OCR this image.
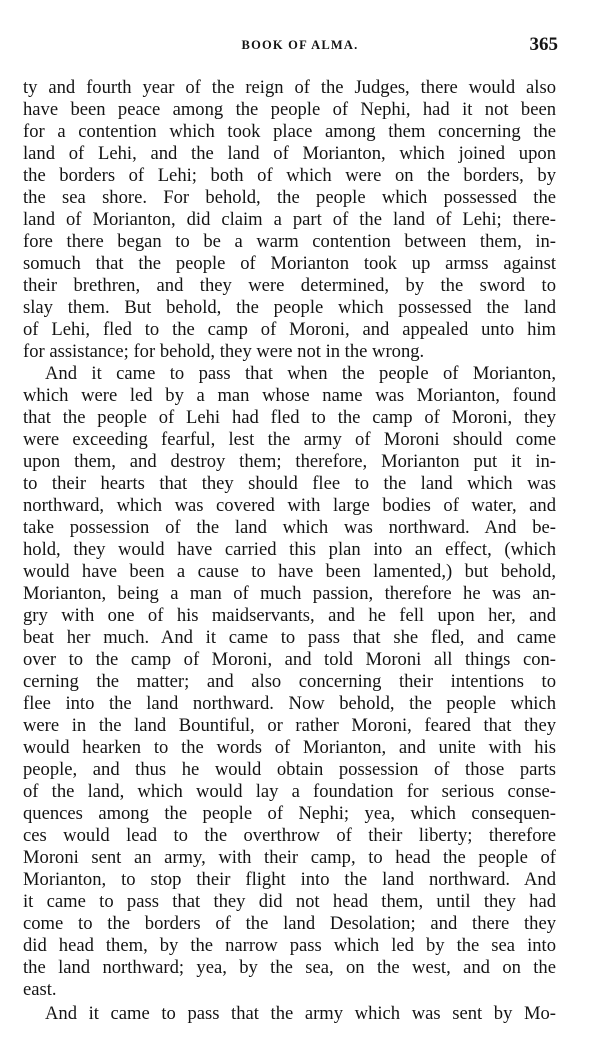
BOOK OF ALMA.	365
ty and fourth year of the reign of the Judges, there would also
have been peace among the people of Nephi, had it not been
for a contention which took place among them concerning the
land of Lehi, and the land of Morianton, which joined upon
the borders of Lehi; both of which were on the borders, by
the sea shore. For behold, the people which possessed the
land of Morianton, did claim a part of the land of Lehi; there-
fore there began to be a warm contention between them, in-
somuch that the people of Morianton took up armss against
their brethren, and they were determined, by the sword to
slay them. But behold, the people which possessed the land
of Lehi, fled to the camp of Moroni, and appealed unto him
for assistance; for behold, they were not in the wrong.
And it came to pass that when the people of Morianton,
which were led by a man whose name was Morianton, found
that the people of Lehi had fled to the camp of Moroni, they
were exceeding fearful, lest the army of Moroni should come
upon them, and destroy them; therefore, Morianton put it in-
to their hearts that they should flee to the land which was
northward, which was covered with large bodies of water, and
take possession of the land which was northward. And be-
hold, they would have carried this plan into an effect, (which
would have been a cause to have been lamented,) but behold,
Morianton, being a man of much passion, therefore he was an-
gry with one of his maidservants, and he fell upon her, and
beat her much. And it came to pass that she fled, and came
over to the camp of Moroni, and told Moroni all things con-
cerning the matter; and also concerning their intentions to
flee into the land northward. Now behold, the people which
were in the land Bountiful, or rather Moroni, feared that they
would hearken to the words of Morianton, and unite with his
people, and thus he would obtain possession of those parts
of the land, which would lay a foundation for serious conse-
quences among the people of Nephi; yea, which consequen-
ces would lead to the overthrow of their liberty; therefore
Moroni sent an army, with their camp, to head the people of
Morianton, to stop their flight into the land northward. And
it came to pass that they did not head them, until they had
come to the borders of the land Desolation; and there they
did head them, by the narrow pass which led by the sea into
the land northward; yea, by the sea, on the west, and on the
east.
And it came to pass that the army which was sent by Mo-
